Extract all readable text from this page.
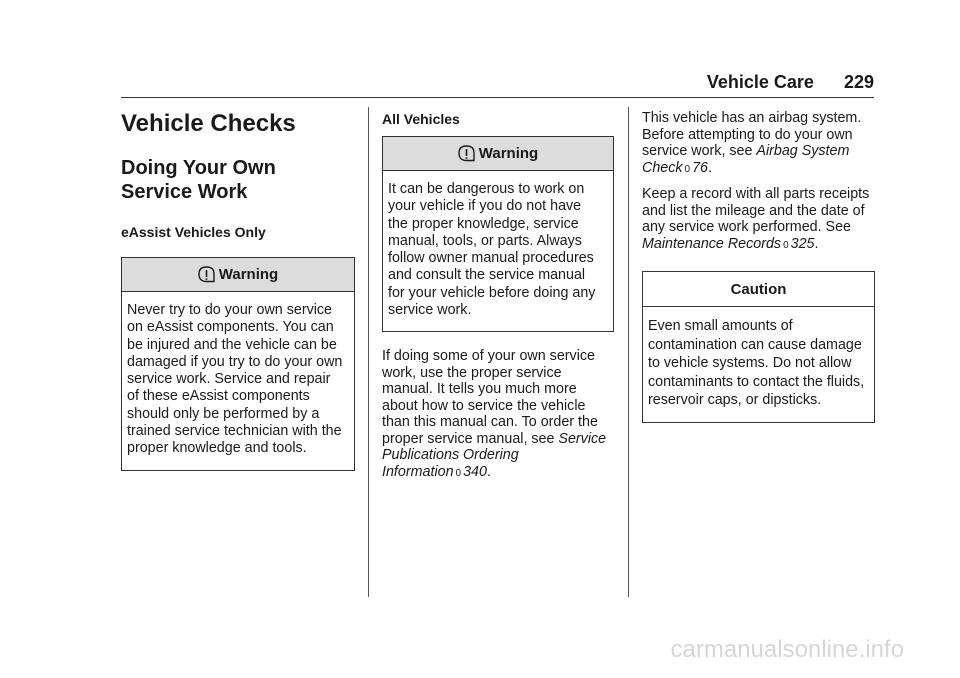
Vehicle Care 229
Vehicle Checks
Doing Your Own
Service Work
eAssist Vehicles Only
Warning
Never try to do your own service
on eAssist components. You can
be injured and the vehicle can be
damaged if you try to do your own
service work. Service and repair
of these eAssist components
should only be performed by a
trained service technician with the
proper knowledge and tools.
All Vehicles
Warning
It can be dangerous to work on
your vehicle if you do not have
the proper knowledge, service
manual, tools, or parts. Always
follow owner manual procedures
and consult the service manual
for your vehicle before doing any
service work.

If doing some of your own service
work, use the proper service
manual. It tells you much more
about how to service the vehicle
than this manual can. To order the
proper service manual, see Service
Publications Ordering
Information 0 340.

This vehicle has an airbag system.
Before attempting to do your own
service work, see Airbag System
Check 0 76.

Keep a record with all parts receipts
and list the mileage and the date of
any service work performed. See
Maintenance Records 0 325.

Caution
Even small amounts of
contamination can cause damage
to vehicle systems. Do not allow
contaminants to contact the fluids,
reservoir caps, or dipsticks.
carmanualsonline.info
